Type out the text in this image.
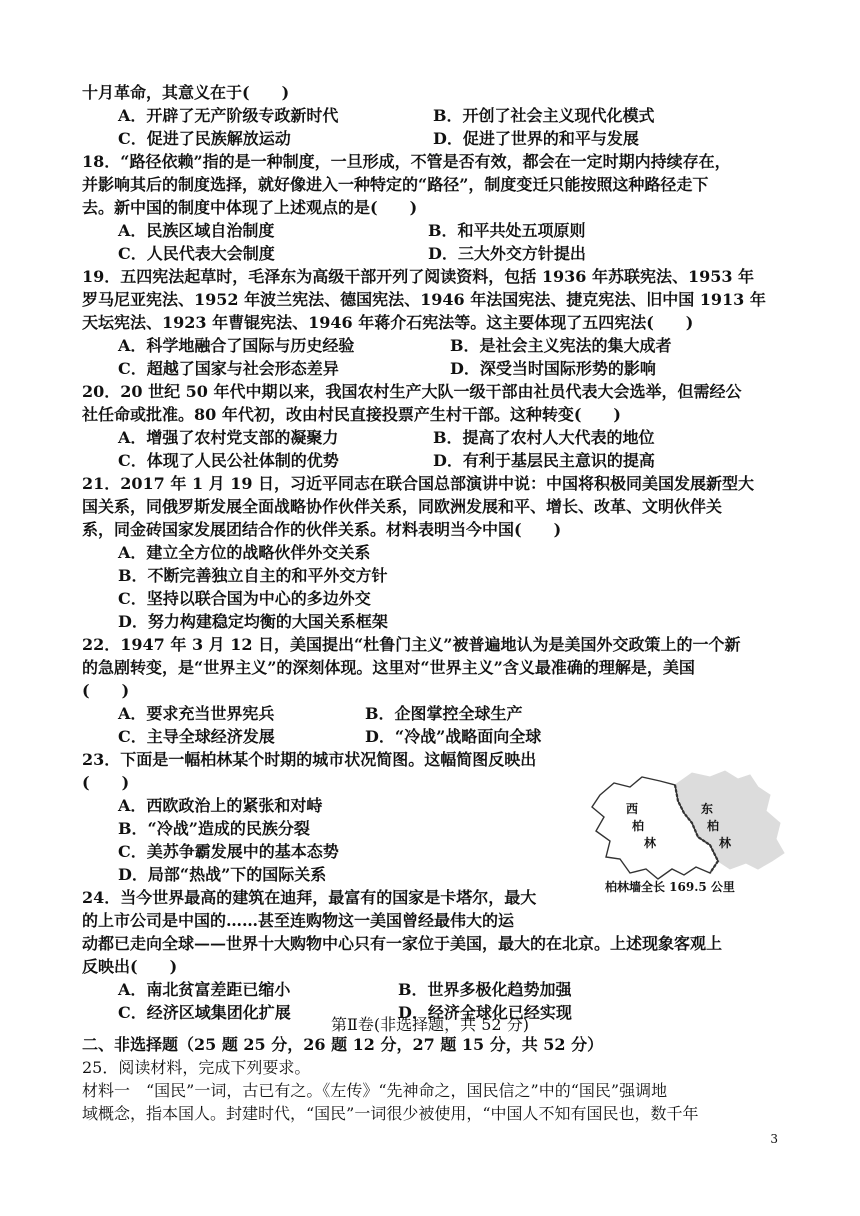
十月革命，其意义在于(　　)
A．开辟了无产阶级专政新时代	B．开创了社会主义现代化模式
C．促进了民族解放运动	D．促进了世界的和平与发展
18．“路径依赖”指的是一种制度，一旦形成，不管是否有效，都会在一定时期内持续存在，
并影响其后的制度选择，就好像进入一种特定的“路径”，制度变迁只能按照这种路径走下
去。新中国的制度中体现了上述观点的是(　　)
A．民族区域自治制度	B．和平共处五项原则
C．人民代表大会制度	D．三大外交方针提出
19．五四宪法起草时，毛泽东为高级干部开列了阅读资料，包括 1936 年苏联宪法、1953 年
罗马尼亚宪法、1952 年波兰宪法、德国宪法、1946 年法国宪法、捷克宪法、旧中国 1913 年
天坛宪法、1923 年曹锟宪法、1946 年蒋介石宪法等。这主要体现了五四宪法(　　)
A．科学地融合了国际与历史经验	B．是社会主义宪法的集大成者
C．超越了国家与社会形态差异	D．深受当时国际形势的影响
20．20 世纪 50 年代中期以来，我国农村生产大队一级干部由社员代表大会选举，但需经公
社任命或批准。80 年代初，改由村民直接投票产生村干部。这种转变(　　)
A．增强了农村党支部的凝聚力	B．提高了农村人大代表的地位
C．体现了人民公社体制的优势	D．有利于基层民主意识的提高
21．2017 年 1 月 19 日，习近平同志在联合国总部演讲中说：中国将积极同美国发展新型大
国关系，同俄罗斯发展全面战略协作伙伴关系，同欧洲发展和平、增长、改革、文明伙伴关
系，同金砖国家发展团结合作的伙伴关系。材料表明当今中国(　　)
A．建立全方位的战略伙伴外交关系
B．不断完善独立自主的和平外交方针
C．坚持以联合国为中心的多边外交
D．努力构建稳定均衡的大国关系框架
22．1947 年 3 月 12 日，美国提出“杜鲁门主义”被普遍地认为是美国外交政策上的一个新
的急剧转变，是“世界主义”的深刻体现。这里对“世界主义”含义最准确的理解是，美国
(　　)
A．要求充当世界宪兵	B．企图掌控全球生产
C．主导全球经济发展	D．“冷战”战略面向全球
23．下面是一幅柏林某个时期的城市状况简图。这幅简图反映出
(　　)
A．西欧政治上的紧张和对峙
B．“冷战”造成的民族分裂
C．美苏争霸发展中的基本态势
D．局部“热战”下的国际关系
西
柏
林
东
柏
林
柏林墙全长 169.5 公里
24．当今世界最高的建筑在迪拜，最富有的国家是卡塔尔，最大
的上市公司是中国的……甚至连购物这一美国曾经最伟大的运
动都已走向全球——世界十大购物中心只有一家位于美国，最大的在北京。上述现象客观上
反映出(　　)
A．南北贫富差距已缩小	B．世界多极化趋势加强
C．经济区域集团化扩展	D．经济全球化已经实现
第Ⅱ卷(非选择题，共 52 分)
二、非选择题（25 题 25 分，26 题 12 分，27 题 15 分，共 52 分）
25．阅读材料，完成下列要求。
材料一　“国民”一词，古已有之。《左传》“先神命之，国民信之”中的“国民”强调地
域概念，指本国人。封建时代，“国民”一词很少被使用，“中国人不知有国民也，数千年
3
